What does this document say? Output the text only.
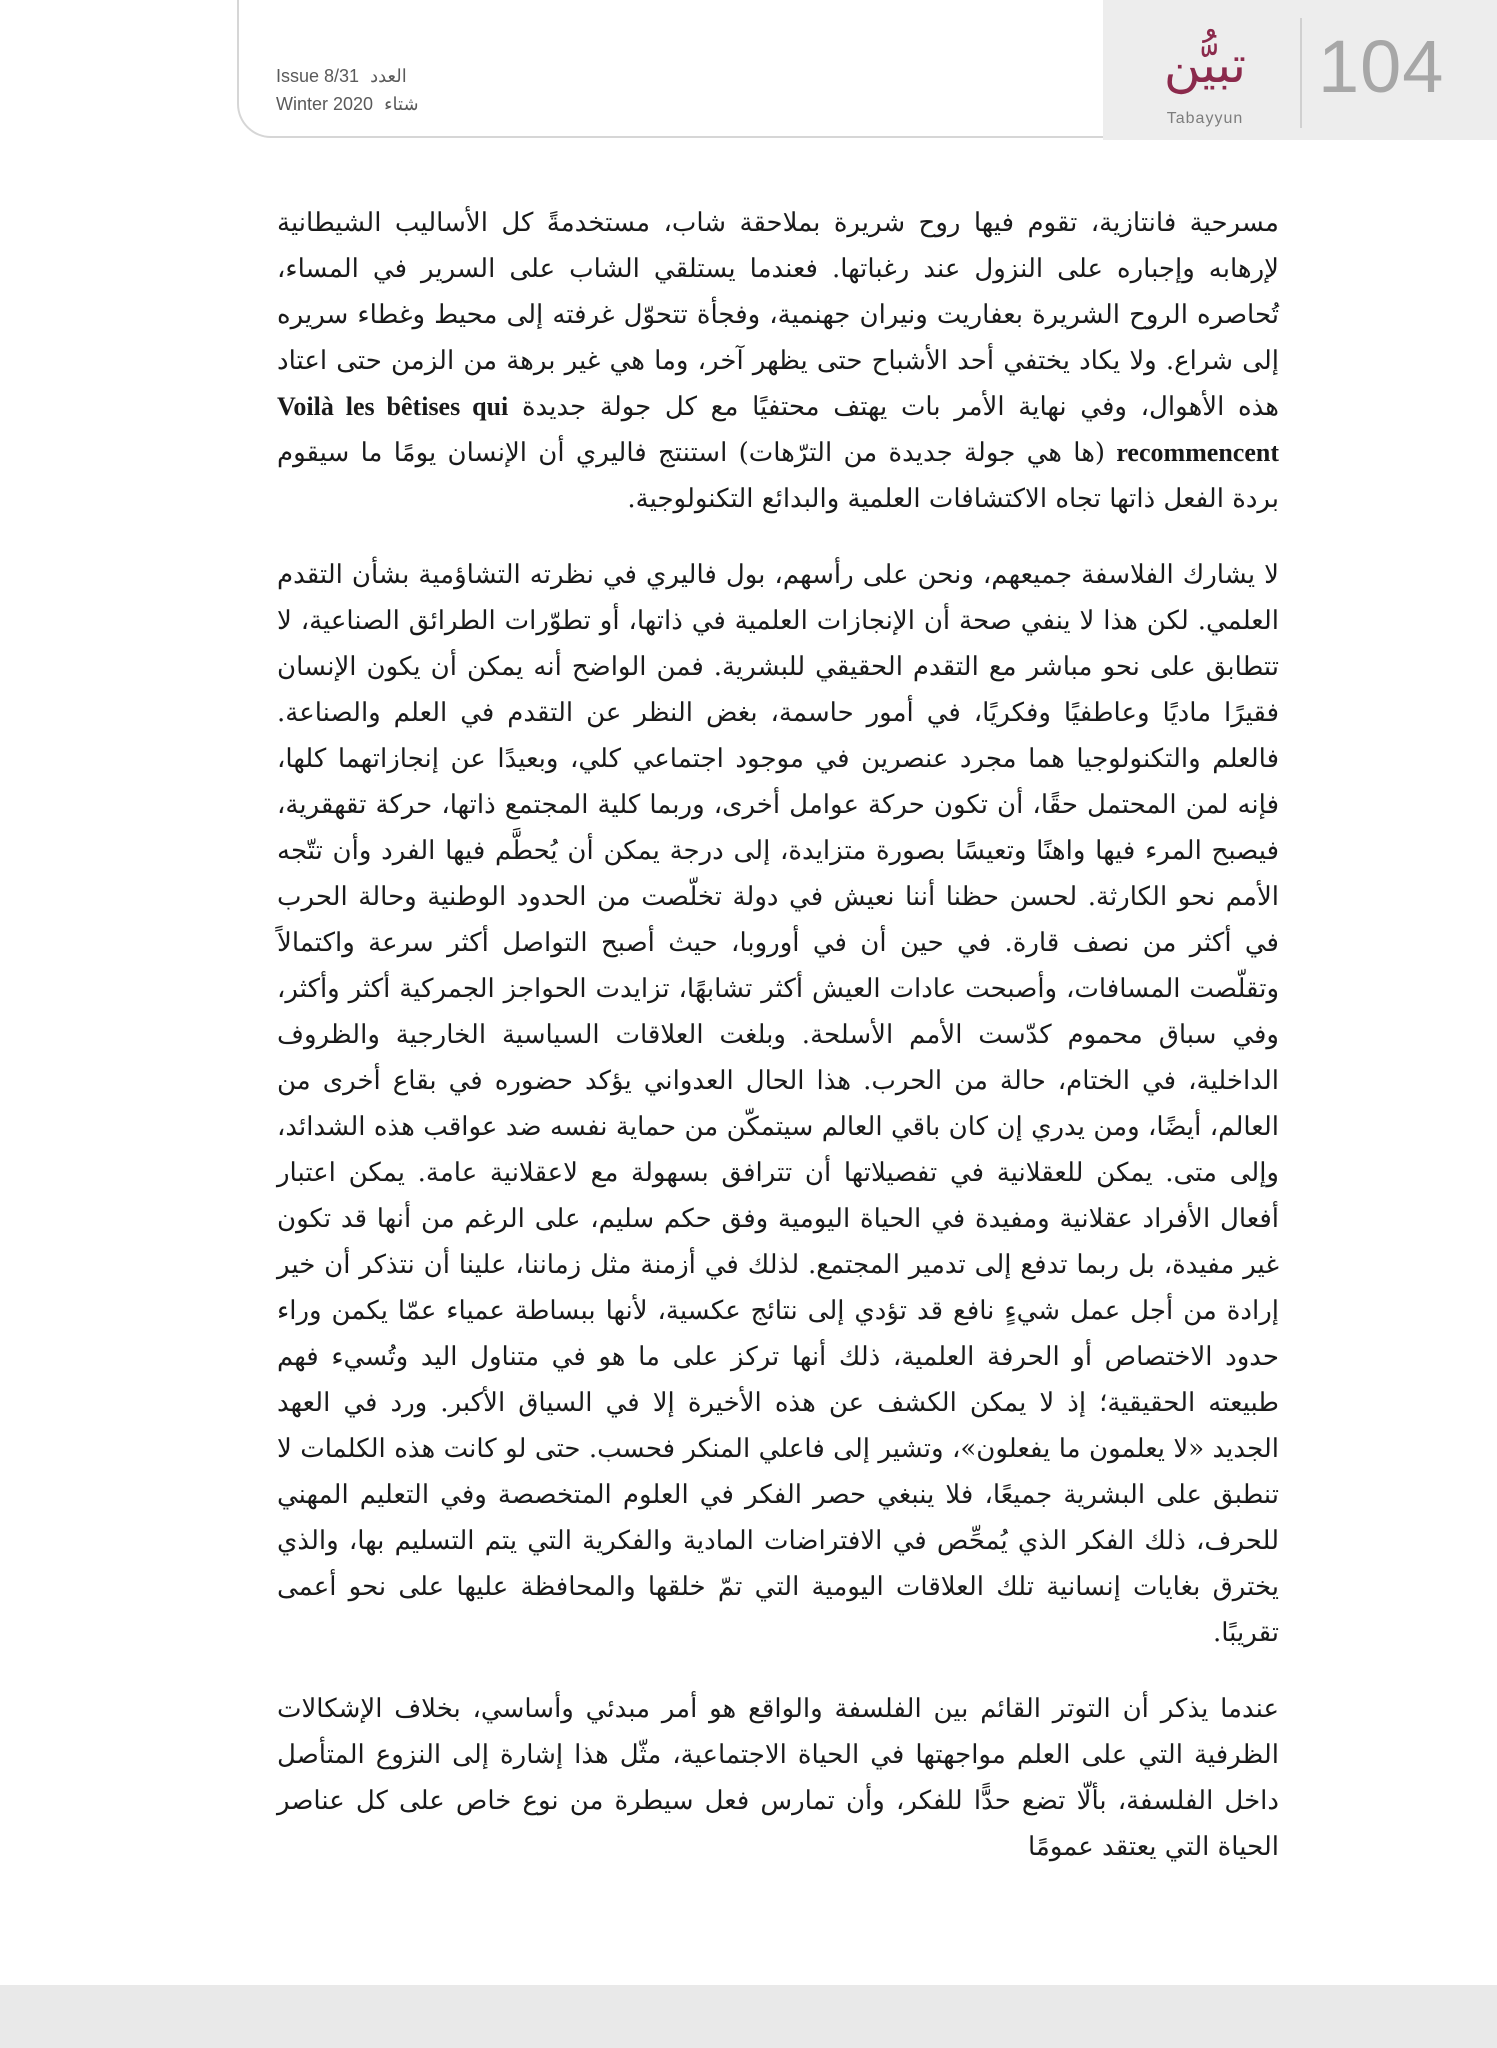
104
تبيُّن
Tabayyun
Issue 8/31 العدد
Winter 2020 شتاء

مسرحية فانتازية، تقوم فيها روح شريرة بملاحقة شاب، مستخدمةً كل الأساليب الشيطانية لإرهابه وإجباره على النزول عند رغباتها. فعندما يستلقي الشاب على السرير في المساء، تُحاصره الروح الشريرة بعفاريت ونيران جهنمية، وفجأة تتحوّل غرفته إلى محيط وغطاء سريره إلى شراع. ولا يكاد يختفي أحد الأشباح حتى يظهر آخر، وما هي غير برهة من الزمن حتى اعتاد هذه الأهوال، وفي نهاية الأمر بات يهتف محتفيًا مع كل جولة جديدة Voilà les bêtises qui recommencent (ها هي جولة جديدة من الترّهات) استنتج فاليري أن الإنسان يومًا ما سيقوم بردة الفعل ذاتها تجاه الاكتشافات العلمية والبدائع التكنولوجية.

لا يشارك الفلاسفة جميعهم، ونحن على رأسهم، بول فاليري في نظرته التشاؤمية بشأن التقدم العلمي. لكن هذا لا ينفي صحة أن الإنجازات العلمية في ذاتها، أو تطوّرات الطرائق الصناعية، لا تتطابق على نحو مباشر مع التقدم الحقيقي للبشرية. فمن الواضح أنه يمكن أن يكون الإنسان فقيرًا ماديًا وعاطفيًا وفكريًا، في أمور حاسمة، بغض النظر عن التقدم في العلم والصناعة. فالعلم والتكنولوجيا هما مجرد عنصرين في موجود اجتماعي كلي، وبعيدًا عن إنجازاتهما كلها، فإنه لمن المحتمل حقًا، أن تكون حركة عوامل أخرى، وربما كلية المجتمع ذاتها، حركة تقهقرية، فيصبح المرء فيها واهنًا وتعيسًا بصورة متزايدة، إلى درجة يمكن أن يُحطَّم فيها الفرد وأن تتّجه الأمم نحو الكارثة. لحسن حظنا أننا نعيش في دولة تخلّصت من الحدود الوطنية وحالة الحرب في أكثر من نصف قارة. في حين أن في أوروبا، حيث أصبح التواصل أكثر سرعة واكتمالاً وتقلّصت المسافات، وأصبحت عادات العيش أكثر تشابهًا، تزايدت الحواجز الجمركية أكثر وأكثر، وفي سباق محموم كدّست الأمم الأسلحة. وبلغت العلاقات السياسية الخارجية والظروف الداخلية، في الختام، حالة من الحرب. هذا الحال العدواني يؤكد حضوره في بقاع أخرى من العالم، أيضًا، ومن يدري إن كان باقي العالم سيتمكّن من حماية نفسه ضد عواقب هذه الشدائد، وإلى متى. يمكن للعقلانية في تفصيلاتها أن تترافق بسهولة مع لاعقلانية عامة. يمكن اعتبار أفعال الأفراد عقلانية ومفيدة في الحياة اليومية وفق حكم سليم، على الرغم من أنها قد تكون غير مفيدة، بل ربما تدفع إلى تدمير المجتمع. لذلك في أزمنة مثل زماننا، علينا أن نتذكر أن خير إرادة من أجل عمل شيءٍ نافع قد تؤدي إلى نتائج عكسية، لأنها ببساطة عمياء عمّا يكمن وراء حدود الاختصاص أو الحرفة العلمية، ذلك أنها تركز على ما هو في متناول اليد وتُسيء فهم طبيعته الحقيقية؛ إذ لا يمكن الكشف عن هذه الأخيرة إلا في السياق الأكبر. ورد في العهد الجديد «لا يعلمون ما يفعلون»، وتشير إلى فاعلي المنكر فحسب. حتى لو كانت هذه الكلمات لا تنطبق على البشرية جميعًا، فلا ينبغي حصر الفكر في العلوم المتخصصة وفي التعليم المهني للحرف، ذلك الفكر الذي يُمحِّص في الافتراضات المادية والفكرية التي يتم التسليم بها، والذي يخترق بغايات إنسانية تلك العلاقات اليومية التي تمّ خلقها والمحافظة عليها على نحو أعمى تقريبًا.

عندما يذكر أن التوتر القائم بين الفلسفة والواقع هو أمر مبدئي وأساسي، بخلاف الإشكالات الظرفية التي على العلم مواجهتها في الحياة الاجتماعية، مثّل هذا إشارة إلى النزوع المتأصل داخل الفلسفة، بألّا تضع حدًّا للفكر، وأن تمارس فعل سيطرة من نوع خاص على كل عناصر الحياة التي يعتقد عمومًا
